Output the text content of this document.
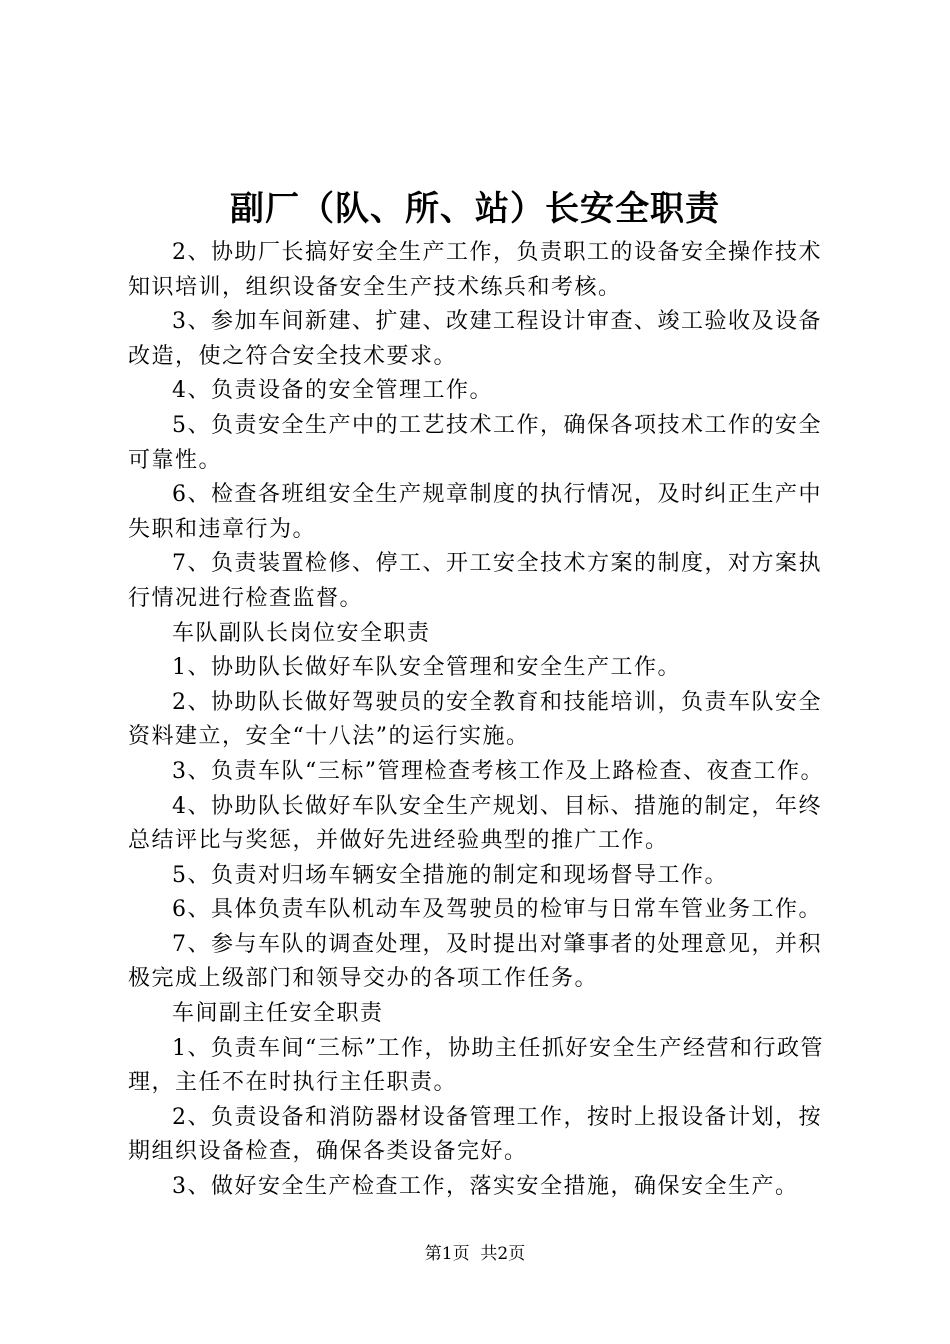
副厂（队、所、站）长安全职责

2、协助厂长搞好安全生产工作，负责职工的设备安全操作技术知识培训，组织设备安全生产技术练兵和考核。

3、参加车间新建、扩建、改建工程设计审查、竣工验收及设备改造，使之符合安全技术要求。

4、负责设备的安全管理工作。

5、负责安全生产中的工艺技术工作，确保各项技术工作的安全可靠性。

6、检查各班组安全生产规章制度的执行情况，及时纠正生产中失职和违章行为。

7、负责装置检修、停工、开工安全技术方案的制度，对方案执行情况进行检查监督。

车队副队长岗位安全职责

1、协助队长做好车队安全管理和安全生产工作。

2、协助队长做好驾驶员的安全教育和技能培训，负责车队安全资料建立，安全“十八法”的运行实施。

3、负责车队“三标”管理检查考核工作及上路检查、夜查工作。

4、协助队长做好车队安全生产规划、目标、措施的制定，年终总结评比与奖惩，并做好先进经验典型的推广工作。

5、负责对归场车辆安全措施的制定和现场督导工作。

6、具体负责车队机动车及驾驶员的检审与日常车管业务工作。

7、参与车队的调查处理，及时提出对肇事者的处理意见，并积极完成上级部门和领导交办的各项工作任务。

车间副主任安全职责

1、负责车间“三标”工作，协助主任抓好安全生产经营和行政管理，主任不在时执行主任职责。

2、负责设备和消防器材设备管理工作，按时上报设备计划，按期组织设备检查，确保各类设备完好。

3、做好安全生产检查工作，落实安全措施，确保安全生产。

第1页 共2页
